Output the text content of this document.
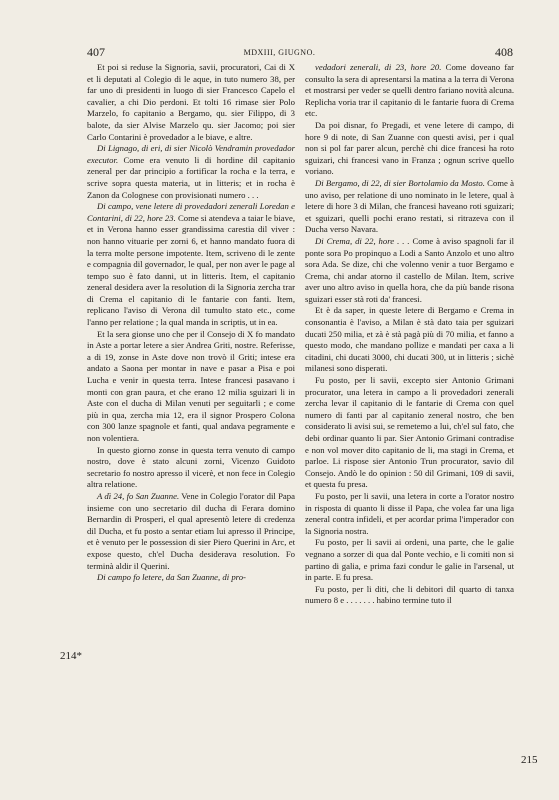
407	MDXIII, GIUGNO.	408

Et poi si reduse la Signoria, savii, procuratori, Cai di X et li deputati al Colegio di le aque, in tuto numero 38, per far uno di presidenti in luogo di sier Francesco Capelo el cavalier, a chi Dio perdoni. Et tolti 16 rimase sier Polo Marzelo, fo capitanio a Bergamo, qu. sier Filippo, di 3 balote, da sier Alvise Marzelo qu. sier Jacomo; poi sier Carlo Contarini è provedador a le biave, e altre.

Di Lignago, di eri, di sier Nicolò Vendramin provedador executor. Come era venuto li di hordine dil capitanio zeneral per dar principio a fortifìcar la rocha e la terra, e scrive sopra questa materia, ut in litteris; et in rocha è Zanon da Colognese con provisionati numero . . .

Di campo, vene letere di provedadori zenerali Loredan e Contarini, di 22, hore 23. Come si atendeva a taiar le biave, et in Verona hanno esser grandissima carestia dil viver : non hanno vituarie per zorni 6, et hanno mandato fuora di la terra molte persone impotente. Item, scriveno di le zente e compagnia dil governador, le qual, per non aver le page al tempo suo è fato danni, ut in litteris. Item, el capitanio zeneral desidera aver la resolution di la Signoria zercha trar di Crema el capitanio di le fantarie con fanti. Item, replicano l'aviso di Verona dil tumulto stato etc., come l'anno per relatione ; la qual manda in scriptis, ut in ea.

Et la sera gionse uno che per il Consejo di X fo mandato in Aste a portar letere a sier Andrea Griti, nostre. Referisse, a di 19, zonse in Aste dove non trovò il Griti; intese era andato a Saona per montar in nave e pasar a Pisa e poi Lucha e venir in questa terra. Intese francesi pasavano i monti con gran paura, et che erano 12 milia sguizari li in Aste con el ducha di Milan venuti per seguitarli ; e come più in qua, zercha mia 12, era il signor Prospero Colona con 300 lanze spagnole et fanti, qual andava pegramente e non volentiera.

In questo giorno zonse in questa terra venuto di campo nostro, dove è stato alcuni zorni, Vicenzo Guidoto secretario fo nostro apresso il vicerè, et non fece in Colegio altra relatione.

A dì 24, fo San Zuanne. Vene in Colegio l'orator dil Papa insieme con uno secretario dil ducha di Ferara domino Bernardin di Prosperi, el qual apresentò letere di credenza dil Ducha, et fu posto a sentar etiam lui apresso il Principe, et è venuto per le possession di sier Piero Querini in Arc, et expose questo, ch'el Ducha desiderava resolution. Fo terminà aldir il Querini.

Di campo fo letere, da San Zuanne, di pro-

vedadori zenerali, di 23, hore 20. Come doveano far consulto la sera di apresentarsi la matina a la terra di Verona et mostrarsi per veder se quelli dentro fariano novità alcuna. Replicha voria trar il capitanio di le fantarie fuora di Crema etc.

Da poi disnar, fo Pregadi, et vene letere di campo, di hore 9 di note, di San Zuanne con questi avisi, per i qual non si pol far parer alcun, perchè chi dice francesi ha roto sguizari, chi francesi vano in Franza ; ognun scrive quello voriano.

Di Bergamo, di 22, di sier Bortolamio da Mosto. Come à uno aviso, per relatione di uno nominato in le letere, qual à letere di hore 3 di Milan, che francesi haveano roti sguizari; et sguizari, quelli pochi erano restati, si ritrazeva con il Ducha verso Navara.

Di Crema, di 22, hore . . . Come à aviso spagnoli far il ponte sora Po propinquo a Lodi a Santo Anzolo et uno altro sora Ada. Se dize, chi che volenno venir a tuor Bergamo e Crema, chi andar atorno il castello de Milan. Item, scrive aver uno altro aviso in quella hora, che da più bande risona sguizari esser stà roti da' francesi.

Et è da saper, in queste letere di Bergamo e Crema in consonantia è l'aviso, a Milan è stà dato taia per sguizari ducati 250 milia, et zà è stà pagà più di 70 milia, et fanno a questo modo, che mandano pollize e mandati per caxa a li citadini, chi ducati 3000, chi ducati 300, ut in litteris ; sichè milanesi sono disperati.

Fu posto, per li savii, excepto sier Antonio Grimani procurator, una letera in campo a li provedadori zenerali zercha levar il capitanio di le fantarie di Crema con quel numero di fanti par al capitanio zeneral nostro, che ben considerato li avisi sui, se remetemo a lui, ch'el sul fato, che debi ordinar quanto li par. Sier Antonio Grimani contradise e non vol mover dito capitanio de li, ma stagi in Crema, et parloe. Li rispose sier Antonio Trun procurator, savio dil Consejo. Andò le do opinion : 50 dil Grimani, 109 di savii, et questa fu presa.

Fu posto, per li savii, una letera in corte a l'orator nostro in risposta di quanto li disse il Papa, che volea far una liga zeneral contra infideli, et per acordar prima l'imperador con la Signoria nostra.

Fu posto, per li savii ai ordeni, una parte, che le galie vegnano a sorzer di qua dal Ponte vechio, e li comiti non si partino di galia, e prima fazi condur le galie in l'arsenal, ut in parte. E fu presa.

Fu posto, per li diti, che li debitori dil quarto di tanxa numero 8 e . . . . . . . habino termine tuto il

214*
215
